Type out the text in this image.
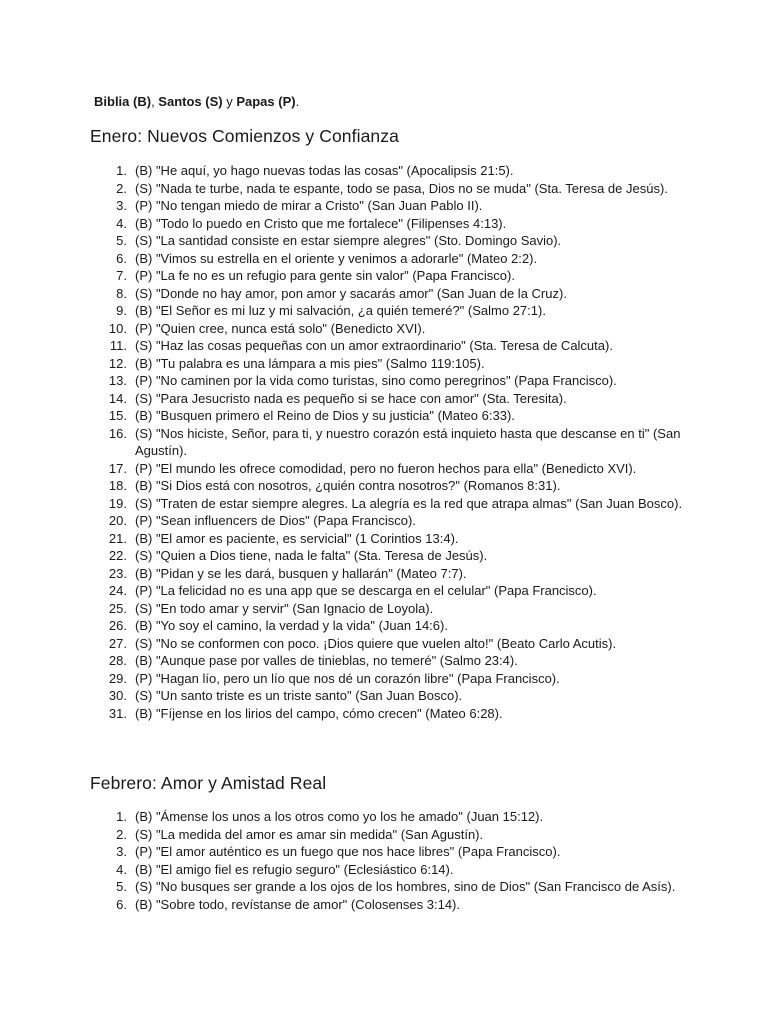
Biblia (B), Santos (S) y Papas (P).
Enero: Nuevos Comienzos y Confianza
1. (B) "He aquí, yo hago nuevas todas las cosas" (Apocalipsis 21:5).
2. (S) "Nada te turbe, nada te espante, todo se pasa, Dios no se muda" (Sta. Teresa de Jesús).
3. (P) "No tengan miedo de mirar a Cristo" (San Juan Pablo II).
4. (B) "Todo lo puedo en Cristo que me fortalece" (Filipenses 4:13).
5. (S) "La santidad consiste en estar siempre alegres" (Sto. Domingo Savio).
6. (B) "Vimos su estrella en el oriente y venimos a adorarle" (Mateo 2:2).
7. (P) "La fe no es un refugio para gente sin valor" (Papa Francisco).
8. (S) "Donde no hay amor, pon amor y sacarás amor" (San Juan de la Cruz).
9. (B) "El Señor es mi luz y mi salvación, ¿a quién temeré?" (Salmo 27:1).
10. (P) "Quien cree, nunca está solo" (Benedicto XVI).
11. (S) "Haz las cosas pequeñas con un amor extraordinario" (Sta. Teresa de Calcuta).
12. (B) "Tu palabra es una lámpara a mis pies" (Salmo 119:105).
13. (P) "No caminen por la vida como turistas, sino como peregrinos" (Papa Francisco).
14. (S) "Para Jesucristo nada es pequeño si se hace con amor" (Sta. Teresita).
15. (B) "Busquen primero el Reino de Dios y su justicia" (Mateo 6:33).
16. (S) "Nos hiciste, Señor, para ti, y nuestro corazón está inquieto hasta que descanse en ti" (San Agustín).
17. (P) "El mundo les ofrece comodidad, pero no fueron hechos para ella" (Benedicto XVI).
18. (B) "Si Dios está con nosotros, ¿quién contra nosotros?" (Romanos 8:31).
19. (S) "Traten de estar siempre alegres. La alegría es la red que atrapa almas" (San Juan Bosco).
20. (P) "Sean influencers de Dios" (Papa Francisco).
21. (B) "El amor es paciente, es servicial" (1 Corintios 13:4).
22. (S) "Quien a Dios tiene, nada le falta" (Sta. Teresa de Jesús).
23. (B) "Pidan y se les dará, busquen y hallarán" (Mateo 7:7).
24. (P) "La felicidad no es una app que se descarga en el celular" (Papa Francisco).
25. (S) "En todo amar y servir" (San Ignacio de Loyola).
26. (B) "Yo soy el camino, la verdad y la vida" (Juan 14:6).
27. (S) "No se conformen con poco. ¡Dios quiere que vuelen alto!" (Beato Carlo Acutis).
28. (B) "Aunque pase por valles de tinieblas, no temeré" (Salmo 23:4).
29. (P) "Hagan lío, pero un lío que nos dé un corazón libre" (Papa Francisco).
30. (S) "Un santo triste es un triste santo" (San Juan Bosco).
31. (B) "Fíjense en los lirios del campo, cómo crecen" (Mateo 6:28).
Febrero: Amor y Amistad Real
1. (B) "Ámense los unos a los otros como yo los he amado" (Juan 15:12).
2. (S) "La medida del amor es amar sin medida" (San Agustín).
3. (P) "El amor auténtico es un fuego que nos hace libres" (Papa Francisco).
4. (B) "El amigo fiel es refugio seguro" (Eclesiástico 6:14).
5. (S) "No busques ser grande a los ojos de los hombres, sino de Dios" (San Francisco de Asís).
6. (B) "Sobre todo, revístanse de amor" (Colosenses 3:14).
